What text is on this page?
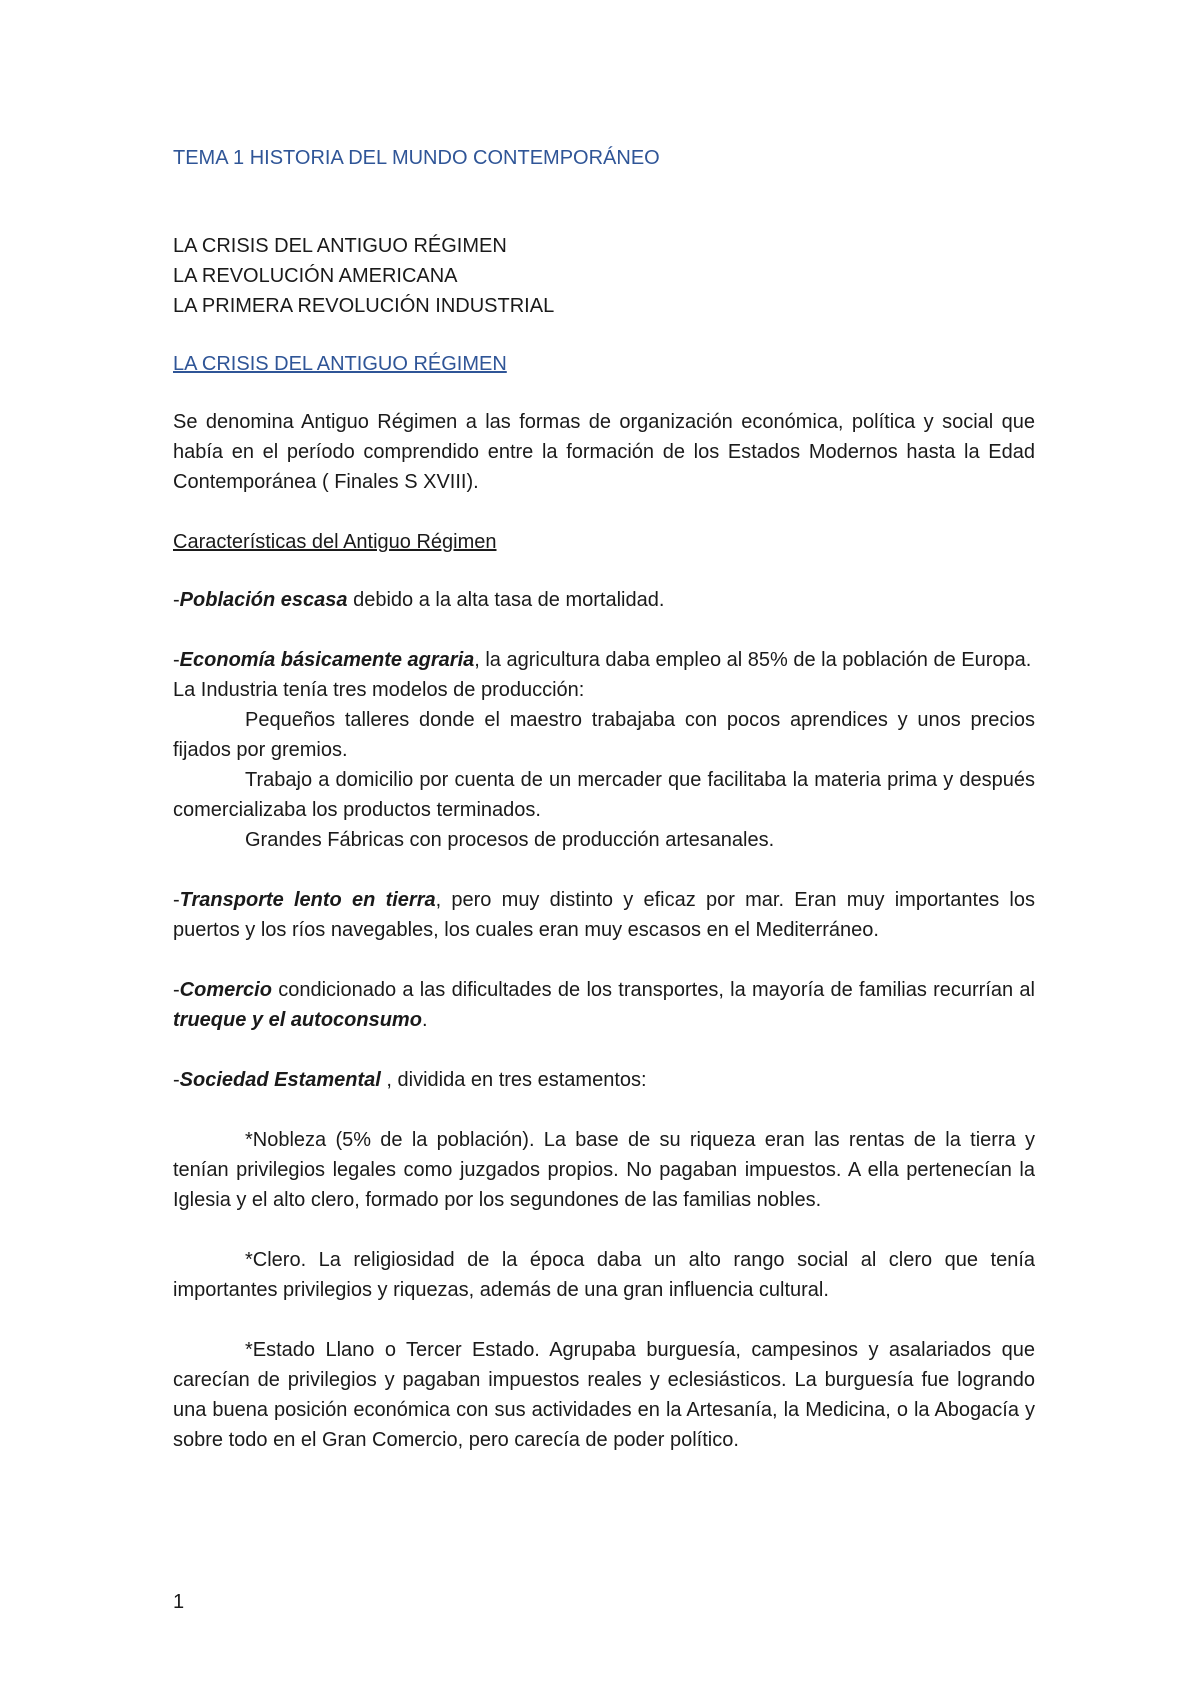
TEMA 1 HISTORIA DEL MUNDO CONTEMPORÁNEO

LA CRISIS DEL ANTIGUO RÉGIMEN

LA REVOLUCIÓN AMERICANA

LA PRIMERA REVOLUCIÓN INDUSTRIAL

LA CRISIS DEL ANTIGUO RÉGIMEN

Se denomina Antiguo Régimen a las formas de organización económica, política y social que había en el período comprendido entre la formación de los Estados Modernos hasta la Edad Contemporánea ( Finales S XVIII).

Características del Antiguo Régimen

-Población escasa debido a la alta tasa de mortalidad.

-Economía básicamente agraria, la agricultura daba empleo al 85% de la población de Europa.

La Industria tenía tres modelos de producción:

Pequeños talleres donde el maestro trabajaba con pocos aprendices y unos precios fijados por gremios.

Trabajo a domicilio por cuenta de un mercader que facilitaba la materia prima y después comercializaba los productos terminados.

Grandes Fábricas con procesos de producción artesanales.

-Transporte lento en tierra, pero muy distinto y eficaz por mar. Eran muy importantes los puertos y los ríos navegables, los cuales eran muy escasos en el Mediterráneo.

-Comercio condicionado a las dificultades de los transportes, la mayoría de familias recurrían al trueque y el autoconsumo.

-Sociedad Estamental , dividida en tres estamentos:

*Nobleza (5% de la población). La base de su riqueza eran las rentas de la tierra y tenían privilegios legales como juzgados propios. No pagaban impuestos. A ella pertenecían la Iglesia y el alto clero, formado por los segundones de las familias nobles.

*Clero. La religiosidad de la época daba un alto rango social al clero que tenía importantes privilegios y riquezas, además de una gran influencia cultural.

*Estado Llano o Tercer Estado. Agrupaba burguesía, campesinos y asalariados que carecían de privilegios y pagaban impuestos reales y eclesiásticos. La burguesía fue logrando una buena posición económica con sus actividades en la Artesanía, la Medicina, o la Abogacía y sobre todo en el Gran Comercio, pero carecía de poder político.

1
